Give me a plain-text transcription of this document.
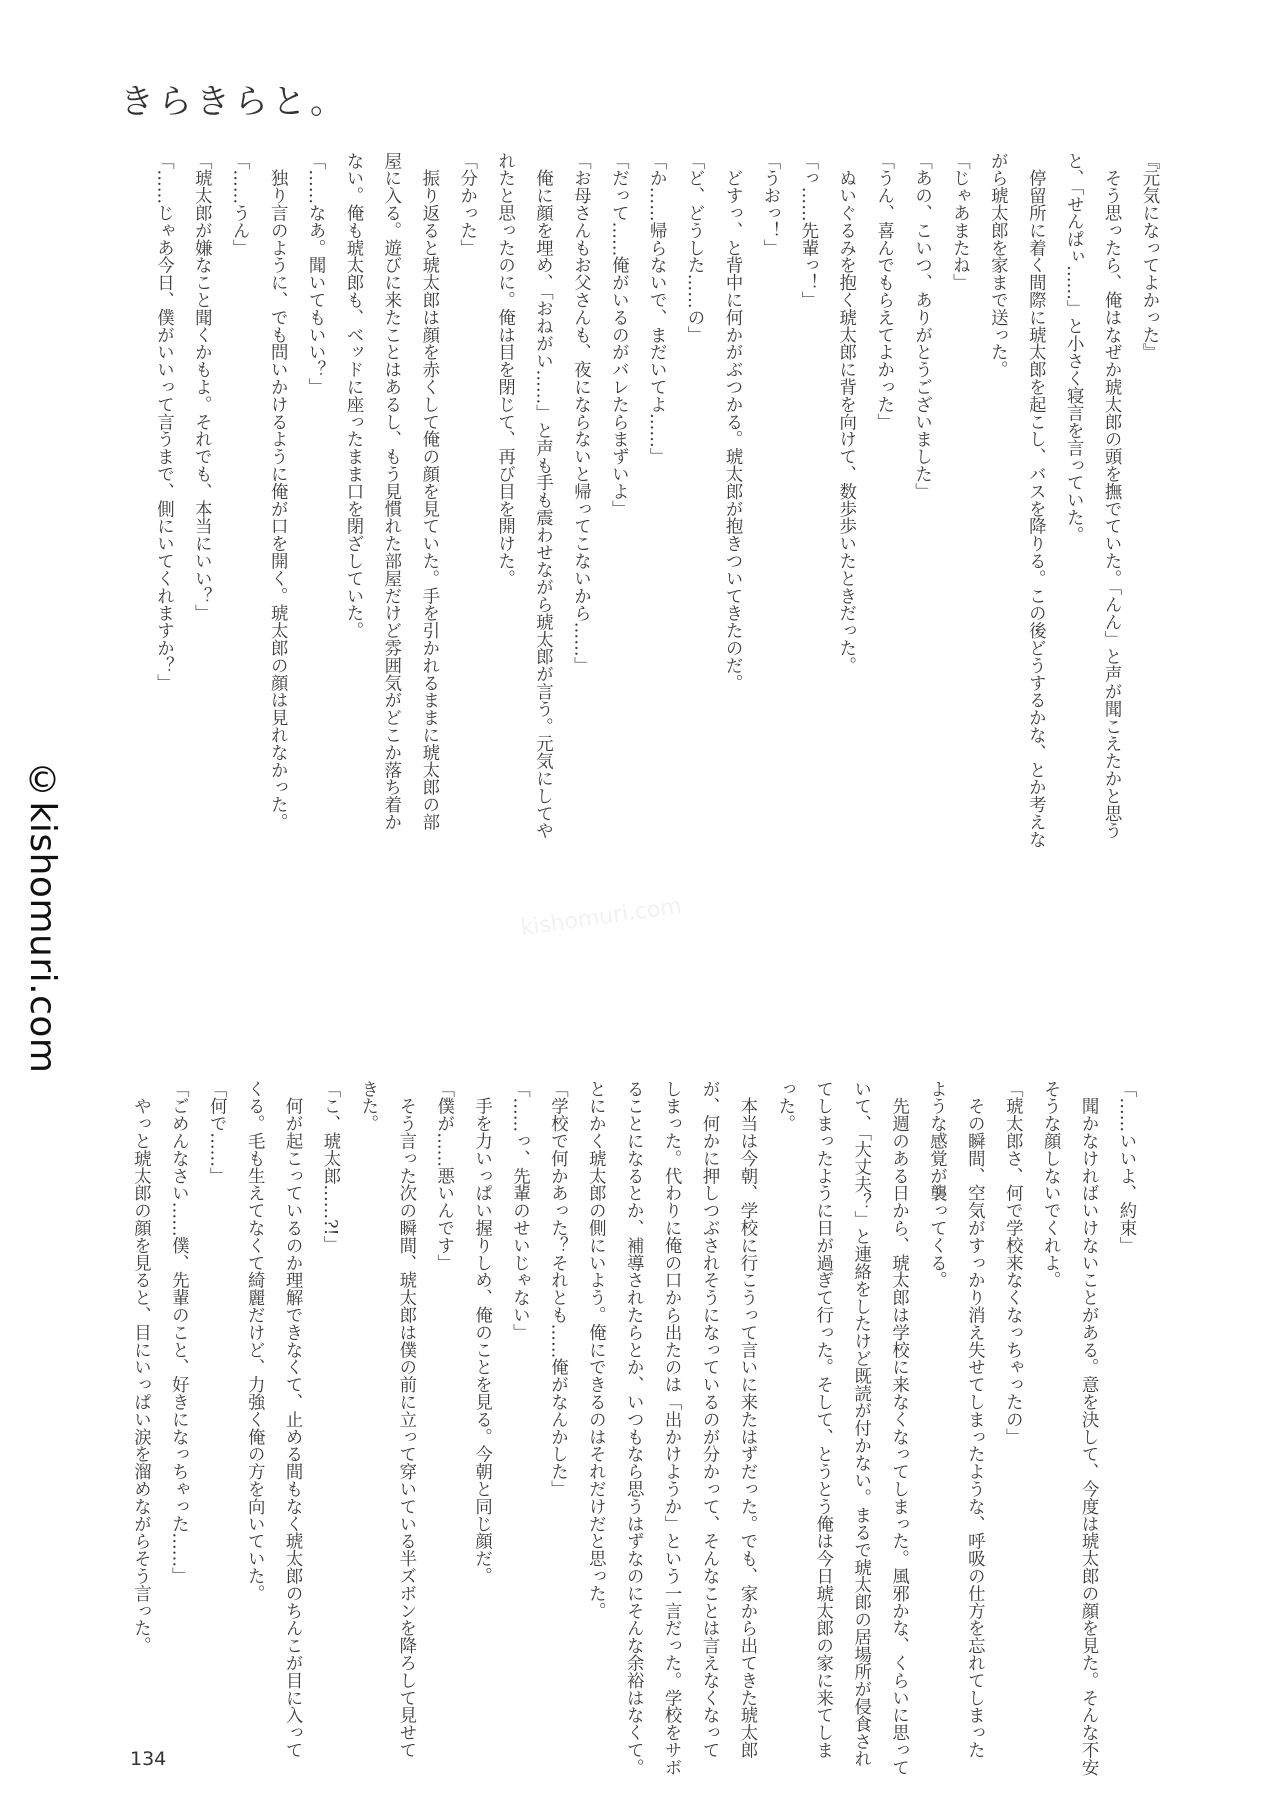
きらきらと。
©kishomuri.com	kishomuri.com
『元気になってよかった』
　そう思ったら、俺はなぜか琥太郎の頭を撫でていた。「んん」と声が聞こえたかと思う
と、「せんぱぃ……」と小さく寝言を言っていた。
　停留所に着く間際に琥太郎を起こし、バスを降りる。この後どうするかな、とか考えな
がら琥太郎を家まで送った。
「じゃあまたね」
「あの、こいつ、ありがとうございました」
「うん、喜んでもらえてよかった」
　ぬいぐるみを抱く琥太郎に背を向けて、数歩歩いたときだった。
「っ……先輩っ！」
「うおっ！」
　どすっ、と背中に何かがぶつかる。琥太郎が抱きついてきたのだ。
「ど、どうした……の」
「か……帰らないで、まだいてよ……」
「だって……俺がいるのがバレたらまずいよ」
「お母さんもお父さんも、夜にならないと帰ってこないから……」
　俺に顔を埋め、「おねがい……」と声も手も震わせながら琥太郎が言う。元気にしてや
れたと思ったのに。俺は目を閉じて、再び目を開けた。
「分かった」
　振り返ると琥太郎は顔を赤くして俺の顔を見ていた。手を引かれるままに琥太郎の部
屋に入る。遊びに来たことはあるし、もう見慣れた部屋だけど雰囲気がどこか落ち着か
ない。俺も琥太郎も、ベッドに座ったまま口を閉ざしていた。
「……なあ。聞いてもいい？」
　独り言のように、でも問いかけるように俺が口を開く。琥太郎の顔は見れなかった。
「……うん」
「琥太郎が嫌なこと聞くかもよ。それでも、本当にいい？」
「……じゃあ今日、僕がいいって言うまで、側にいてくれますか？」
「……いいよ、約束」
　聞かなければいけないことがある。意を決して、今度は琥太郎の顔を見た。そんな不安
そうな顔しないでくれよ。
「琥太郎さ、何で学校来なくなっちゃったの」
　その瞬間、空気がすっかり消え失せてしまったような、呼吸の仕方を忘れてしまった
ような感覚が襲ってくる。
　先週のある日から、琥太郎は学校に来なくなってしまった。風邪かな、くらいに思って
いて、「大丈夫？」と連絡をしたけど既読が付かない。まるで琥太郎の居場所が侵食され
てしまったように日が過ぎて行った。そして、とうとう俺は今日琥太郎の家に来てしま
った。
　本当は今朝、学校に行こうって言いに来たはずだった。でも、家から出てきた琥太郎
が、何かに押しつぶされそうになっているのが分かって、そんなことは言えなくなって
しまった。代わりに俺の口から出たのは「出かけようか」という一言だった。学校をサボ
ることになるとか、補導されたらとか、いつもなら思うはずなのにそんな余裕はなくて。
とにかく琥太郎の側にいよう。俺にできるのはそれだけだと思った。
「学校で何かあった？それとも……俺がなんかした」
「……っ、先輩のせいじゃない」
　手を力いっぱい握りしめ、俺のことを見る。今朝と同じ顔だ。
「僕が……悪いんです」
　そう言った次の瞬間、琥太郎は僕の前に立って穿いている半ズボンを降ろして見せて
きた。
「こ、琥太郎……?!」
　何が起こっているのか理解できなくて、止める間もなく琥太郎のちんこが目に入って
くる。毛も生えてなくて綺麗だけど、力強く俺の方を向いていた。
「何で……」
「ごめんなさい……僕、先輩のこと、好きになっちゃった……」
　やっと琥太郎の顔を見ると、目にいっぱい涙を溜めながらそう言った。
134
